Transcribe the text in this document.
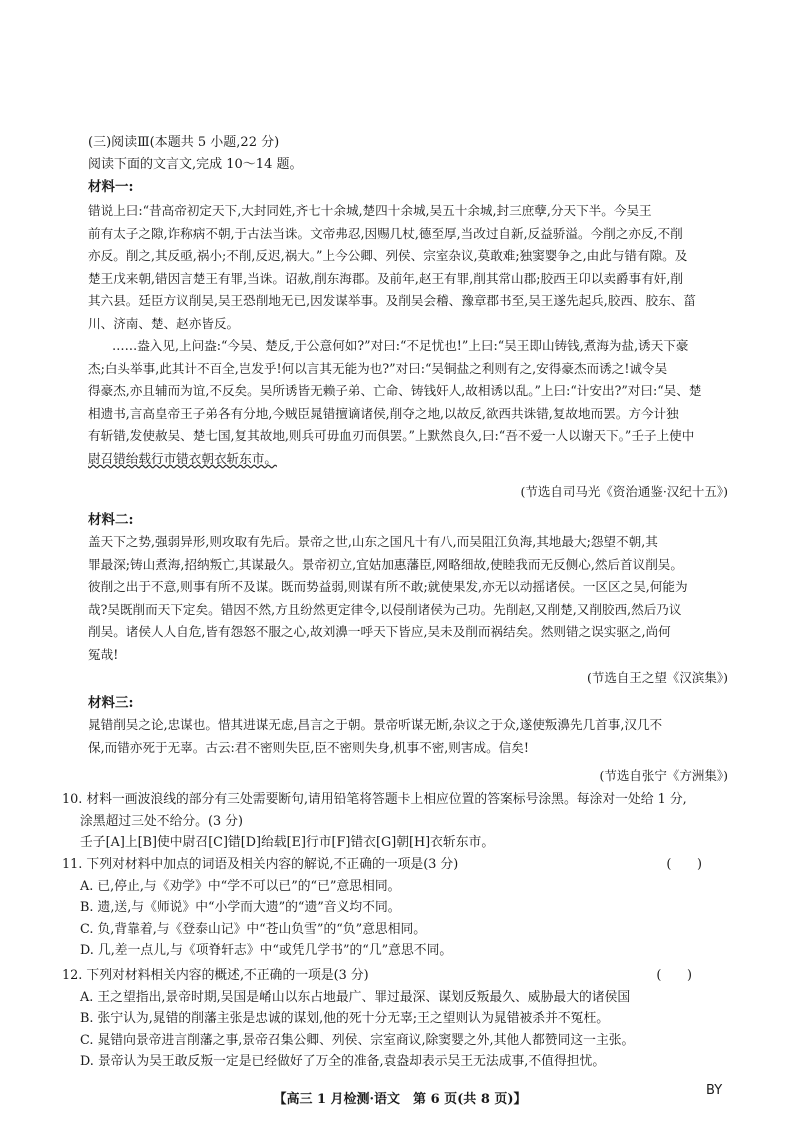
(三)阅读Ⅲ(本题共 5 小题,22 分)
阅读下面的文言文,完成 10～14 题。
材料一:
错说上曰:“昔高帝初定天下,大封同姓,齐七十余城,楚四十余城,吴五十余城,封三庶孽,分天下半。今吴王
前有太子之隙,诈称病不朝,于古法当诛。文帝弗忍,因赐几杖,德至厚,当改过自新,反益骄溢。今削之亦反,不削
亦反。削之,其反亟,祸小;不削,反迟,祸大。”上今公卿、列侯、宗室杂议,莫敢难;独窦婴争之,由此与错有隙。及
楚王戊来朝,错因言楚王有罪,当诛。诏赦,削东海郡。及前年,赵王有罪,削其常山郡;胶西王卬以卖爵事有奸,削
其六县。廷臣方议削吴,吴王恐削地无已,因发谋举事。及削吴会稽、豫章郡书至,吴王遂先起兵,胶西、胶东、菑
川、济南、楚、赵亦皆反。
……盎入见,上问盎:“今吴、楚反,于公意何如?”对曰:“不足忧也!”上曰:“吴王即山铸钱,煮海为盐,诱天下豪
杰;白头举事,此其计不百全,岂发乎!何以言其无能为也?”对曰:“吴铜盐之利则有之,安得豪杰而诱之!诚令吴
得豪杰,亦且辅而为谊,不反矣。吴所诱皆无赖子弟、亡命、铸钱奸人,故相诱以乱。”上曰:“计安出?”对曰:“吴、楚
相遗书,言高皇帝王子弟各有分地,今贼臣晁错擅谪诸侯,削夺之地,以故反,欲西共诛错,复故地而罢。方今计独
有斩错,发使赦吴、楚七国,复其故地,则兵可毋血刃而俱罢。”上默然良久,曰:“吾不爱一人以谢天下。”壬子上使中
尉召错绐载行市错衣朝衣斩东市。
(节选自司马光《资治通鉴·汉纪十五》)
材料二:
盖天下之势,强弱异形,则攻取有先后。景帝之世,山东之国凡十有八,而吴阻江负海,其地最大;怨望不朝,其
罪最深;铸山煮海,招纳叛亡,其谋最久。景帝初立,宜姑加惠藩臣,网略细故,使睦我而无反侧心,然后首议削吴。
彼削之出于不意,则事有所不及谋。既而势益弱,则谋有所不敢;就使果发,亦无以动摇诸侯。一区区之吴,何能为
哉?吴既削而天下定矣。错因不然,方且纷然更定律令,以侵削诸侯为己功。先削赵,又削楚,又削胶西,然后乃议
削吴。诸侯人人自危,皆有怨怒不服之心,故刘濞一呼天下皆应,吴未及削而祸结矣。然则错之误实驱之,尚何
冤哉!
(节选自王之望《汉滨集》)
材料三:
晁错削吴之论,忠谋也。惜其进谋无虑,昌言之于朝。景帝听谋无断,杂议之于众,遂使叛濞先几首事,汉几不
保,而错亦死于无辜。古云:君不密则失臣,臣不密则失身,机事不密,则害成。信矣!
(节选自张宁《方洲集》)
10. 材料一画波浪线的部分有三处需要断句,请用铅笔将答题卡上相应位置的答案标号涂黑。每涂对一处给 1 分,
涂黑超过三处不给分。(3 分)
壬子[A]上[B]使中尉召[C]错[D]绐载[E]行市[F]错衣[G]朝[H]衣斩东市。
11. 下列对材料中加点的词语及相关内容的解说,不正确的一项是(3 分)	(　　)
A. 已,停止,与《劝学》中“学不可以已”的“已”意思相同。
B. 遗,送,与《师说》中“小学而大遗”的“遗”音义均不同。
C. 负,背靠着,与《登泰山记》中“苍山负雪”的“负”意思相同。
D. 几,差一点儿,与《项脊轩志》中“或凭几学书”的“几”意思不同。
12. 下列对材料相关内容的概述,不正确的一项是(3 分)	(　　)
A. 王之望指出,景帝时期,吴国是崤山以东占地最广、罪过最深、谋划反叛最久、威胁最大的诸侯国
B. 张宁认为,晁错的削藩主张是忠诚的谋划,他的死十分无辜;王之望则认为晁错被杀并不冤枉。
C. 晁错向景帝进言削藩之事,景帝召集公卿、列侯、宗室商议,除窦婴之外,其他人都赞同这一主张。
D. 景帝认为吴王敢反叛一定是已经做好了万全的准备,袁盎却表示吴王无法成事,不值得担忧。
【高三 1 月检测·语文　第 6 页(共 8 页)】
BY
